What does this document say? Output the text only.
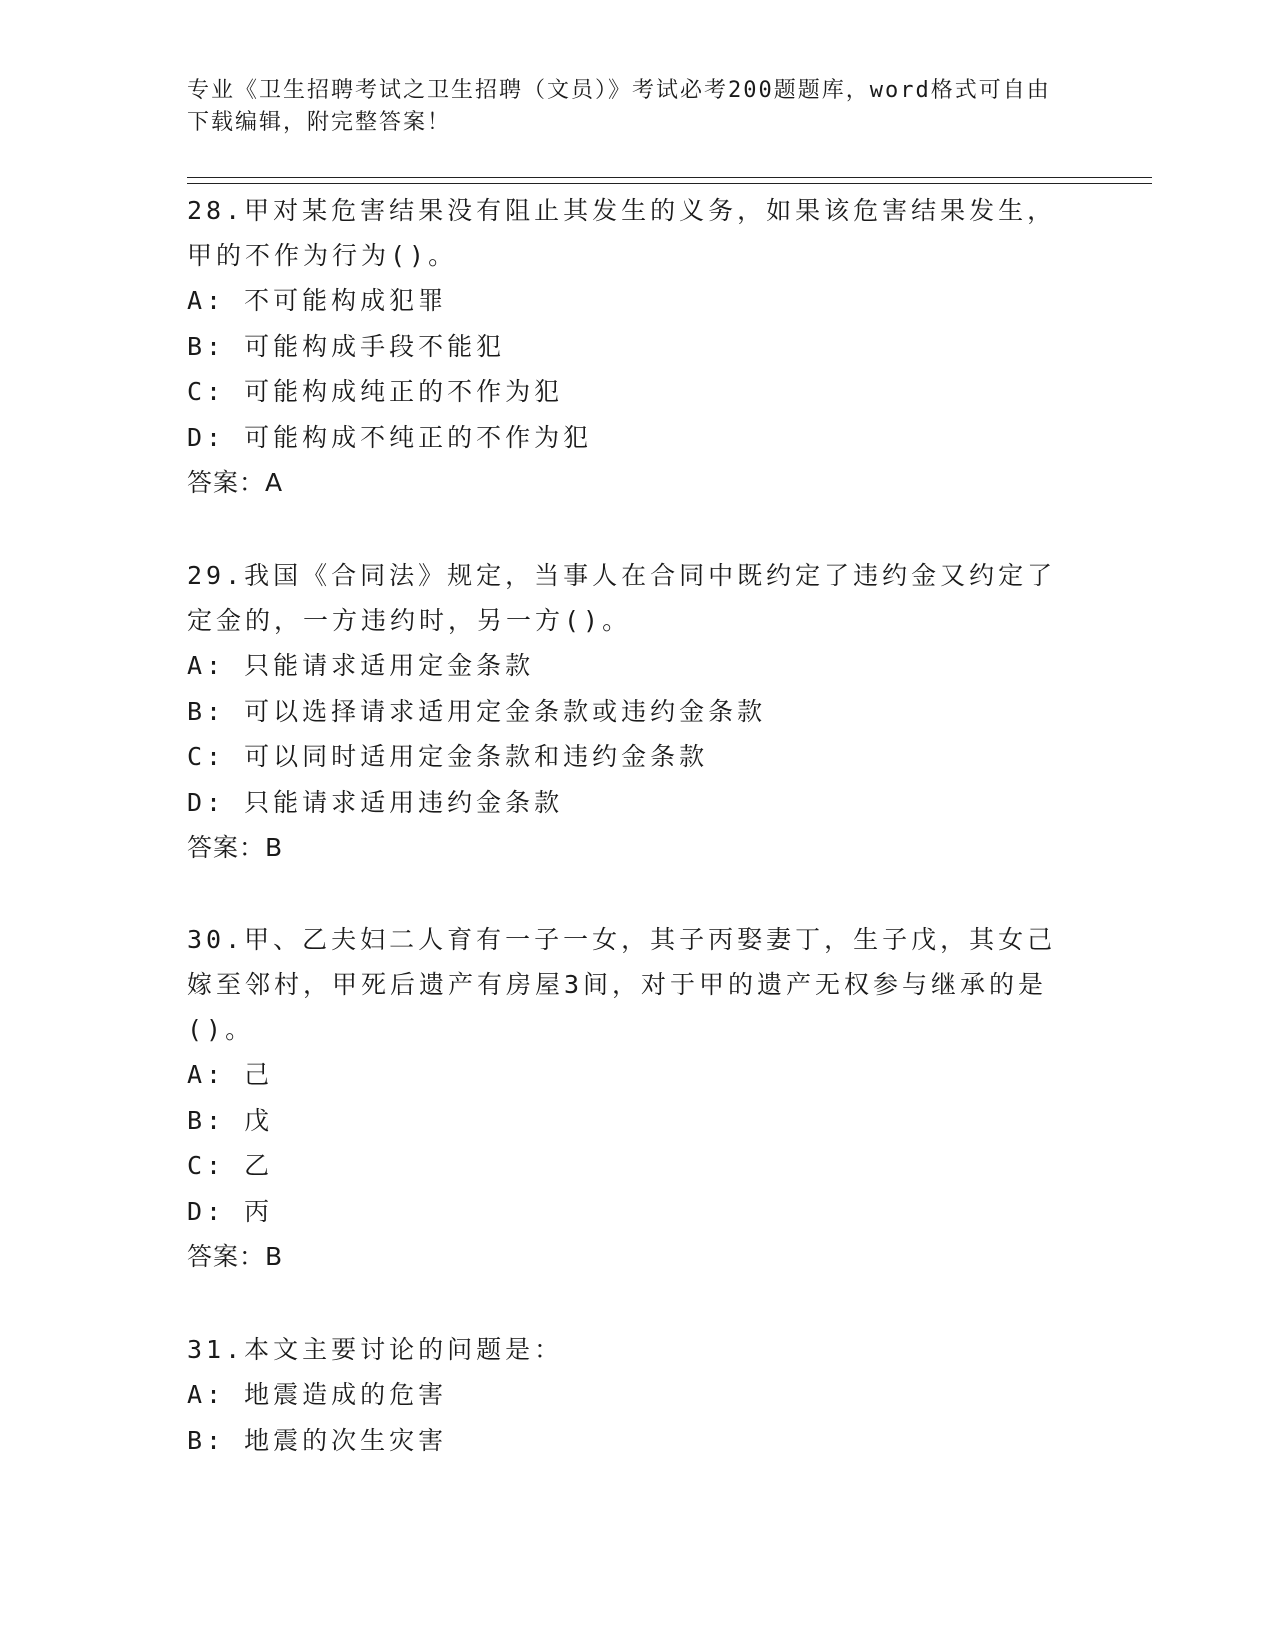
专业《卫生招聘考试之卫生招聘（文员）》考试必考200题题库，word格式可自由下载编辑，附完整答案！

28.甲对某危害结果没有阻止其发生的义务，如果该危害结果发生，甲的不作为行为()。

A: 不可能构成犯罪

B: 可能构成手段不能犯

C: 可能构成纯正的不作为犯

D: 可能构成不纯正的不作为犯

答案：A

29.我国《合同法》规定，当事人在合同中既约定了违约金又约定了定金的，一方违约时，另一方()。

A: 只能请求适用定金条款

B: 可以选择请求适用定金条款或违约金条款

C: 可以同时适用定金条款和违约金条款

D: 只能请求适用违约金条款

答案：B

30.甲、乙夫妇二人育有一子一女，其子丙娶妻丁，生子戊，其女己嫁至邻村，甲死后遗产有房屋3间，对于甲的遗产无权参与继承的是()。

A: 己

B: 戊

C: 乙

D: 丙

答案：B

31.本文主要讨论的问题是：

A: 地震造成的危害

B: 地震的次生灾害
